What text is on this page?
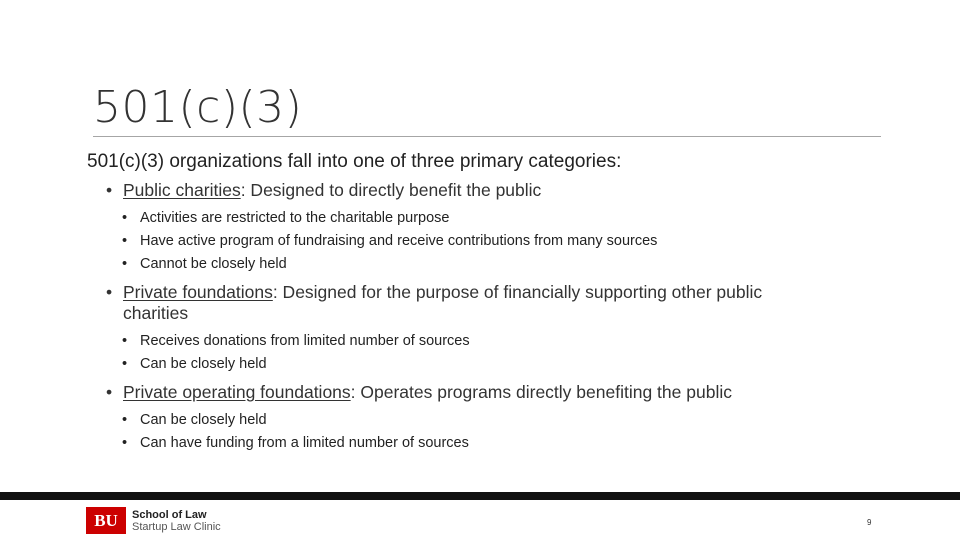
501(c)(3)
501(c)(3) organizations fall into one of three primary categories:
• Public charities: Designed to directly benefit the public
• Activities are restricted to the charitable purpose
• Have active program of fundraising and receive contributions from many sources
• Cannot be closely held
• Private foundations: Designed for the purpose of financially supporting other public charities
• Receives donations from limited number of sources
• Can be closely held
• Private operating foundations: Operates programs directly benefiting the public
• Can be closely held
• Can have funding from a limited number of sources
BU	School of Law
Startup Law Clinic	9
